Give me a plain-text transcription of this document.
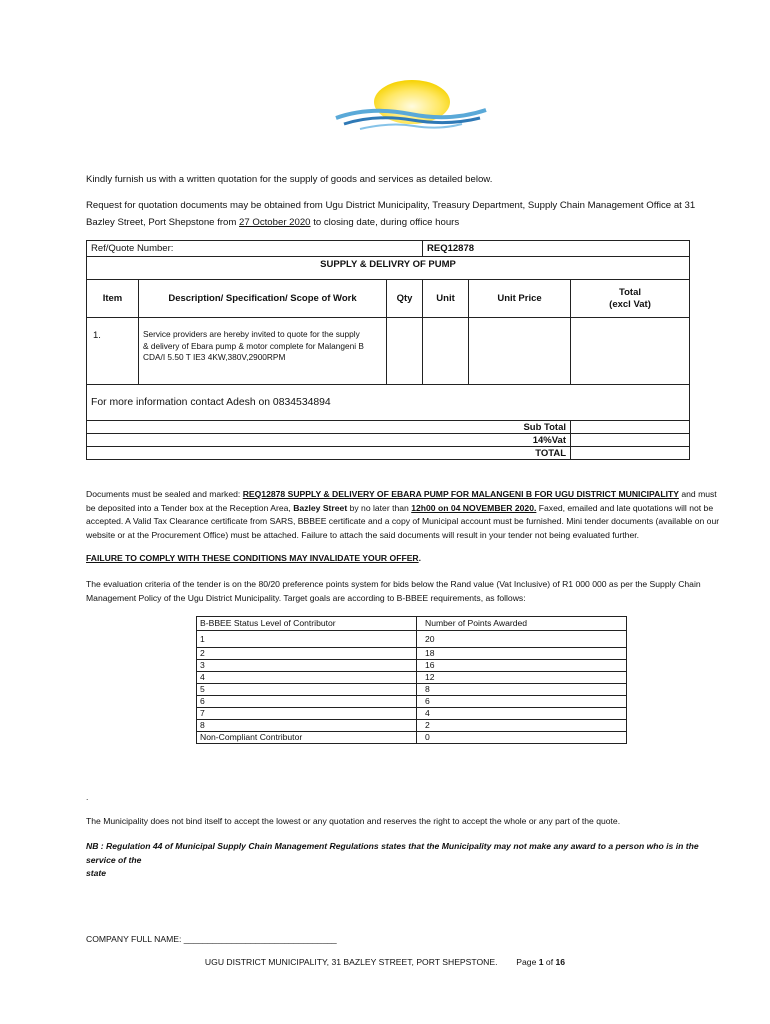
Kindly furnish us with a written quotation for the supply of goods and services as detailed below.
Request for quotation documents may be obtained from Ugu District Municipality, Treasury Department, Supply Chain Management Office at 31
Bazley Street, Port Shepstone from 27 October 2020 to closing date, during office hours
Ref/Quote Number:			REQ12878		
SUPPLY & DELIVRY OF PUMP					

Item	Description/ Specification/ Scope of Work	Qty	Unit	Unit Price	Total
(excl Vat)

1.	Service providers are hereby invited to quote for the supply
& delivery of Ebara pump & motor complete for Malangeni B
CDA/I 5.50 T IE3 4KW,380V,2900RPM				

For more information contact Adesh on 0834534894					
Sub Total					
14%Vat					
TOTAL					
Documents must be sealed and marked: REQ12878 SUPPLY & DELIVERY OF EBARA PUMP FOR MALANGENI B FOR UGU DISTRICT MUNICIPALITY and must
be deposited into a Tender box at the Reception Area, Bazley Street by no later than 12h00 on 04 NOVEMBER 2020. Faxed, emailed and late quotations will not be
accepted. A Valid Tax Clearance certificate from SARS, BBBEE certificate and a copy of Municipal account must be furnished. Mini tender documents (available on our
website or at the Procurement Office) must be attached. Failure to attach the said documents will result in your tender not being evaluated further.
FAILURE TO COMPLY WITH THESE CONDITIONS MAY INVALIDATE YOUR OFFER.
The evaluation criteria of the tender is on the 80/20 preference points system for bids below the Rand value (Vat Inclusive) of R1 000 000 as per the Supply Chain
Management Policy of the Ugu District Municipality. Target goals are according to B-BBEE requirements, as follows:
B-BBEE Status Level of Contributor	Number of Points Awarded
1	20
2	18
3	16
4	12
5	8
6	6
7	4
8	2
Non-Compliant Contributor	0
.
The Municipality does not bind itself to accept the lowest or any quotation and reserves the right to accept the whole or any part of the quote.
NB : Regulation 44 of Municipal Supply Chain Management Regulations states that the Municipality may not make any award to a person who is in the service of the
state
COMPANY FULL NAME: ________________________________
UGU DISTRICT MUNICIPALITY, 31 BAZLEY STREET, PORT SHEPSTONE. Page 1 of 16
